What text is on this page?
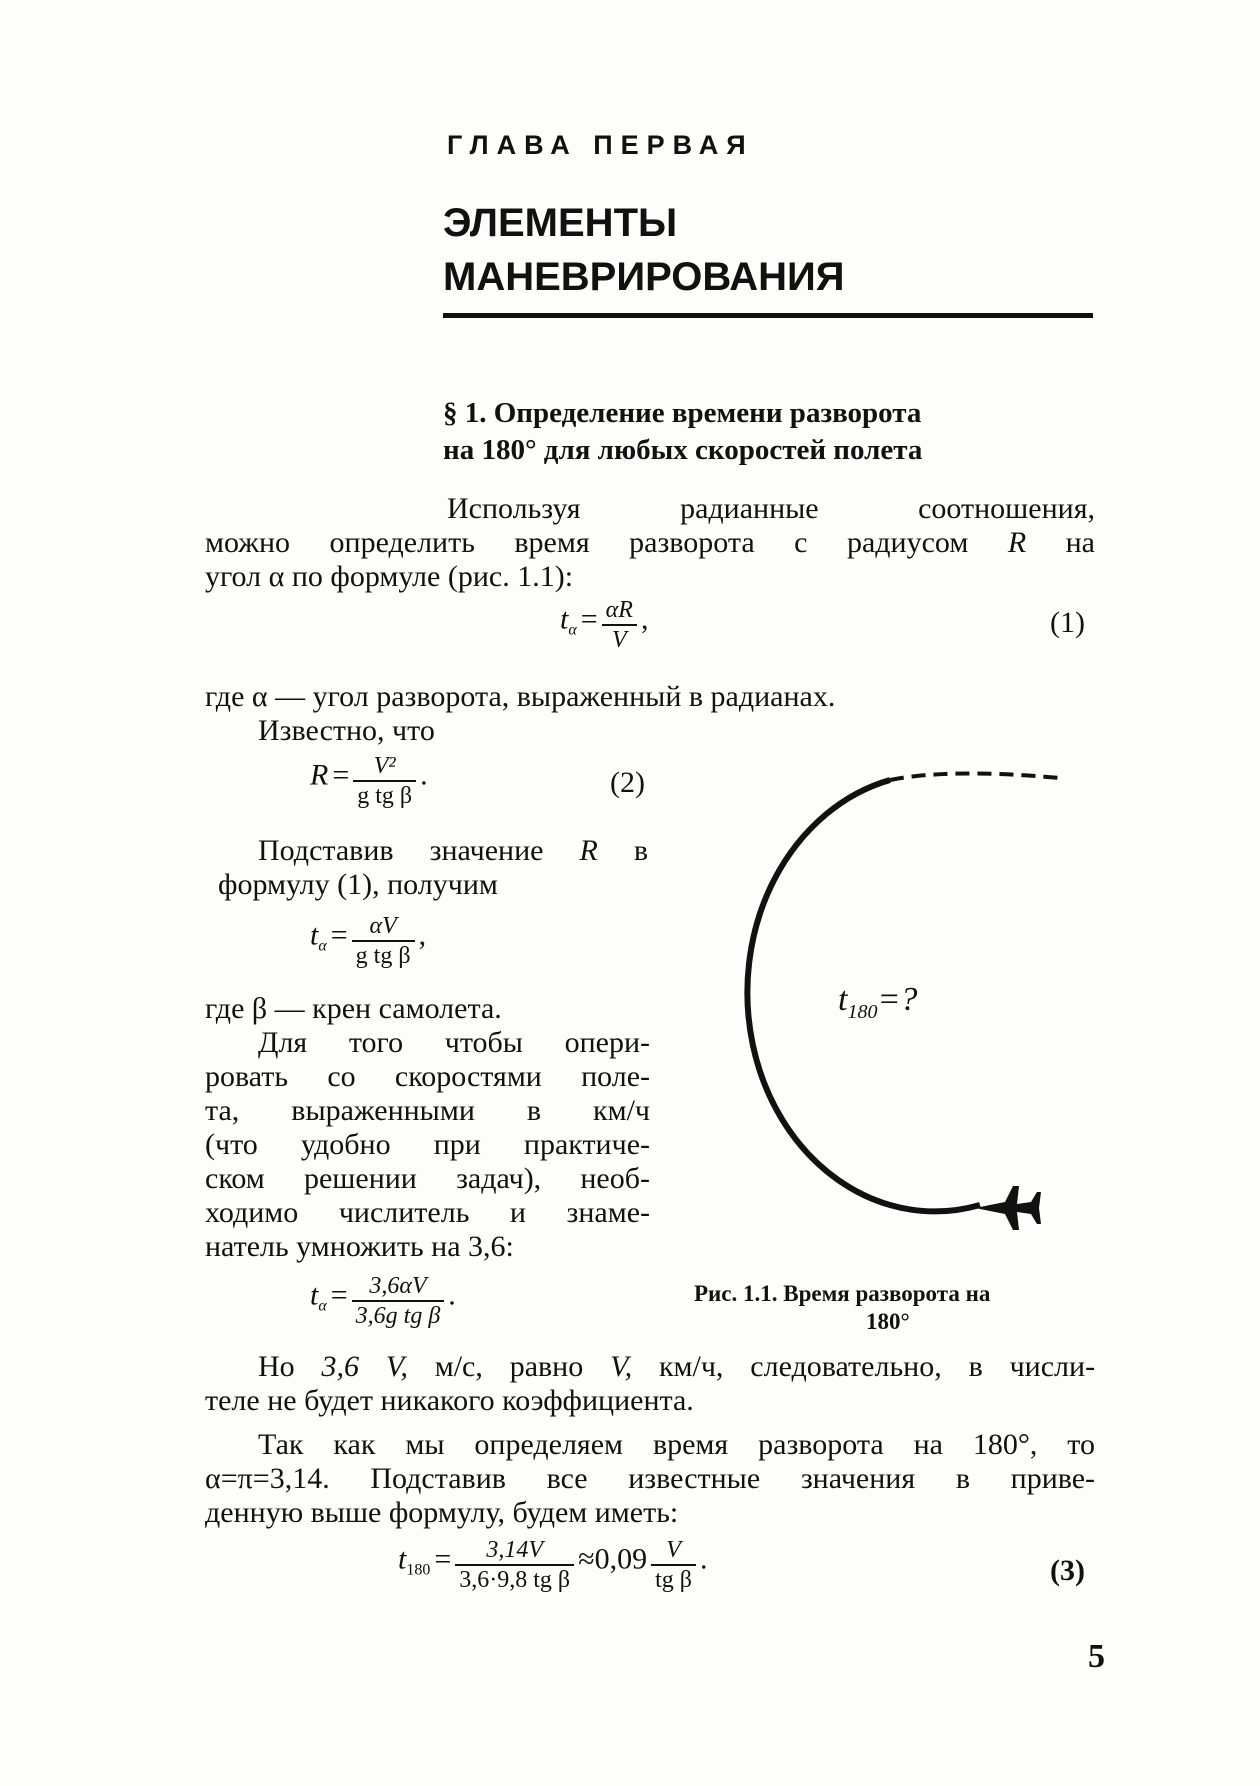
ГЛАВА ПЕРВАЯ
ЭЛЕМЕНТЫ
МАНЕВРИРОВАНИЯ
§ 1. Определение времени разворота
на 180° для любых скоростей полета
Используя	радианные	соотношения,
можно определить время разворота с радиусом R на
угол α по формуле (рис. 1.1):
$t\alpha = \frac{\alpha R}{V}$ ,	(1)
где α — угол разворота, выраженный в радианах.
Известно, что
$R = \frac{\text{V²}}{\text{g tg β}}$ .	(2)
Подставив значение R в
формулу (1), получим
$t\alpha = \frac{\alpha V}{\text{g tg β}}$ ,
где β — крен самолета.
Для того чтобы опери-
ровать со скоростями поле-
та, выраженными в км/ч
(что удобно при практиче-
ском решении задач), необ-
ходимо числитель и знаме-
натель умножить на 3,6:
$t\alpha = \frac{3,6\alpha V}{\text{3,6g tg β}}$ .
$t_{180}=$?
Рис. 1.1. Время разворота на
180°
Но 3,6 V, м/с, равно V, км/ч, следовательно, в числи-
теле не будет никакого коэффициента.
Так как мы определяем время разворота на 180°, то
α=π=3,14. Подставив все известные значения в приве-
денную выше формулу, будем иметь:
$t180 = \frac{3,14V}{\text{3,6·9,8 tg β}} \approx 0,09 \frac{V}{\text{tg β}}$ .	(3)
5
